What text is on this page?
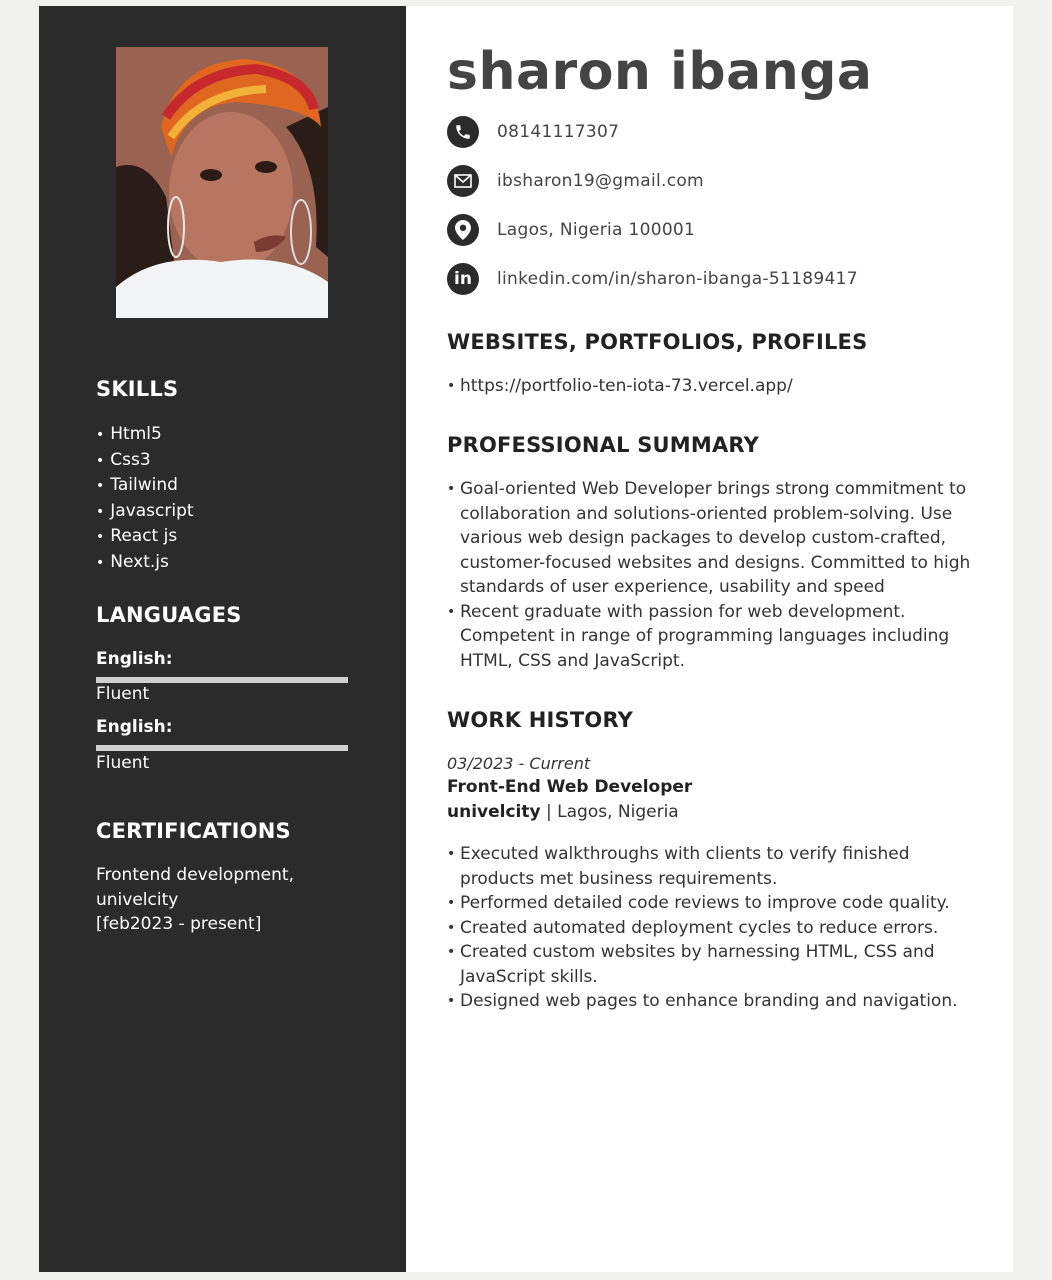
SKILLS
• Html5
• Css3
• Tailwind
• Javascript
• React js
• Next.js
LANGUAGES
English:
Fluent
English:
Fluent
CERTIFICATIONS
Frontend development,
univelcity
[feb2023 - present]
sharon ibanga
08141117307
ibsharon19@gmail.com
Lagos, Nigeria 100001
in linkedin.com/in/sharon-ibanga-51189417
WEBSITES, PORTFOLIOS, PROFILES
• https://portfolio-ten-iota-73.vercel.app/
PROFESSIONAL SUMMARY
• Goal-oriented Web Developer brings strong commitment to collaboration and solutions-oriented problem-solving. Use various web design packages to develop custom-crafted, customer-focused websites and designs. Committed to high standards of user experience, usability and speed
• Recent graduate with passion for web development. Competent in range of programming languages including HTML, CSS and JavaScript.
WORK HISTORY
03/2023 - Current
Front-End Web Developer
univelcity | Lagos, Nigeria
• Executed walkthroughs with clients to verify finished products met business requirements.
• Performed detailed code reviews to improve code quality.
• Created automated deployment cycles to reduce errors.
• Created custom websites by harnessing HTML, CSS and JavaScript skills.
• Designed web pages to enhance branding and navigation.
